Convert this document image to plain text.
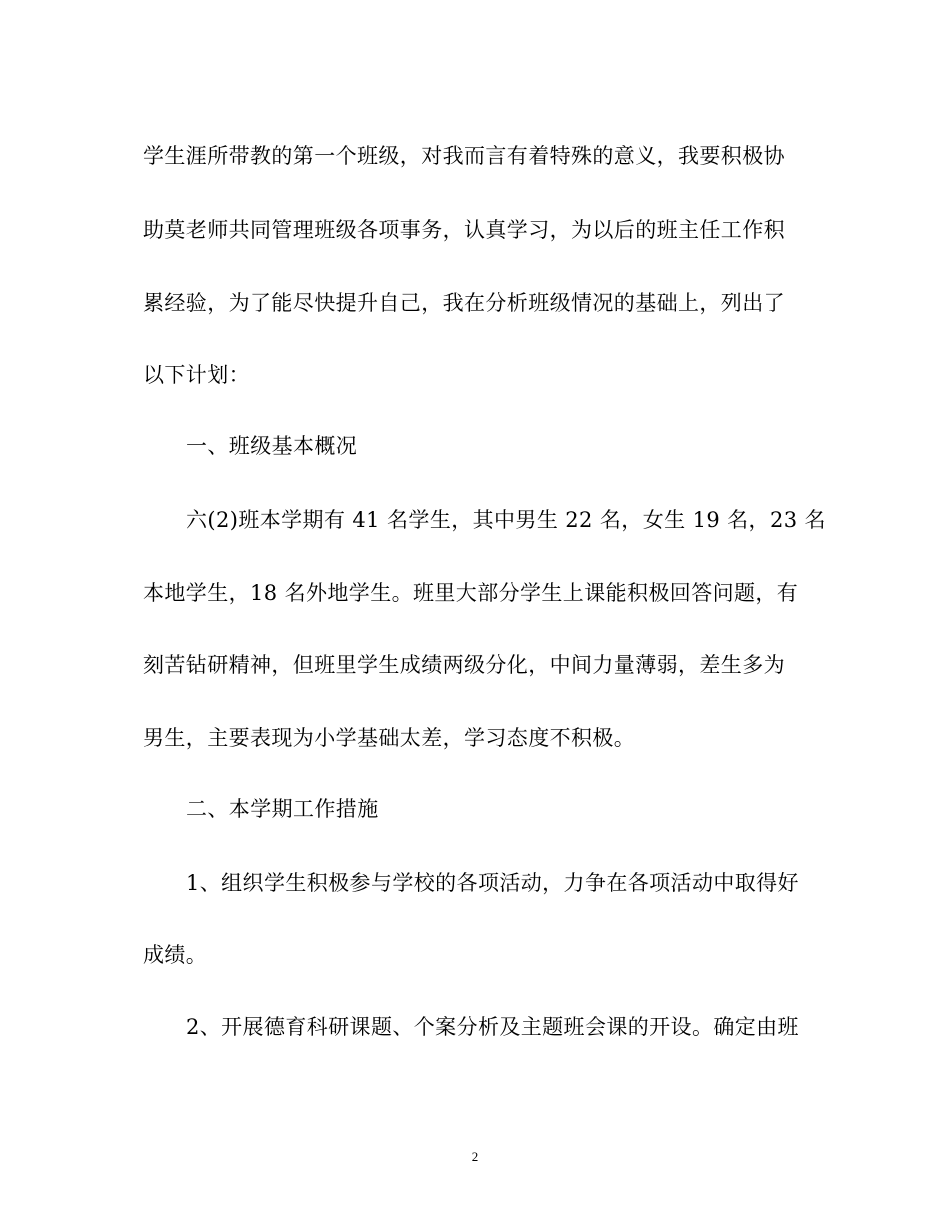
学生涯所带教的第一个班级，对我而言有着特殊的意义，我要积极协
助莫老师共同管理班级各项事务，认真学习，为以后的班主任工作积
累经验，为了能尽快提升自己，我在分析班级情况的基础上，列出了
以下计划：
一、班级基本概况
六(2)班本学期有 41 名学生，其中男生 22 名，女生 19 名，23 名
本地学生，18 名外地学生。班里大部分学生上课能积极回答问题，有
刻苦钻研精神，但班里学生成绩两级分化，中间力量薄弱，差生多为
男生，主要表现为小学基础太差，学习态度不积极。
二、本学期工作措施
1、组织学生积极参与学校的各项活动，力争在各项活动中取得好
成绩。
2、开展德育科研课题、个案分析及主题班会课的开设。确定由班
2
